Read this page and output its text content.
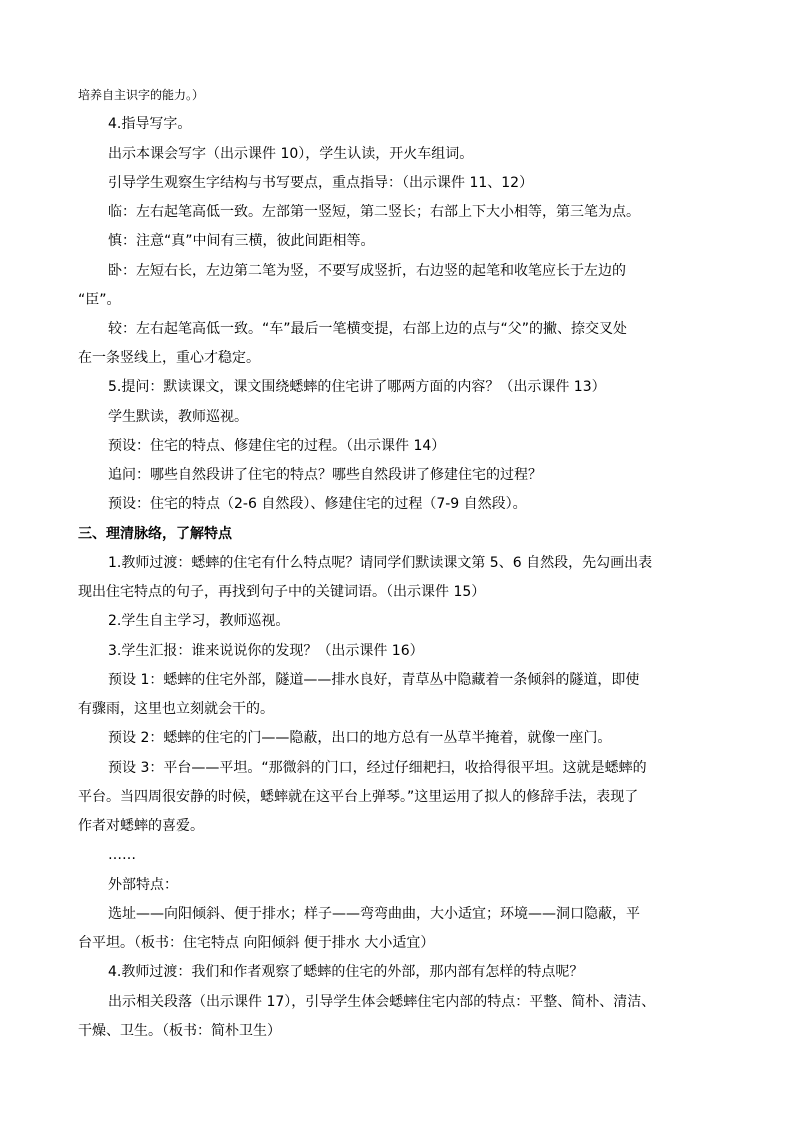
培养自主识字的能力。）
4.指导写字。
出示本课会写字（出示课件 10），学生认读，开火车组词。
引导学生观察生字结构与书写要点，重点指导：（出示课件 11、12）
临：左右起笔高低一致。左部第一竖短，第二竖长；右部上下大小相等，第三笔为点。
慎：注意“真”中间有三横，彼此间距相等。
卧：左短右长，左边第二笔为竖，不要写成竖折，右边竖的起笔和收笔应长于左边的
“臣”。
较：左右起笔高低一致。“车”最后一笔横变提，右部上边的点与“父”的撇、捺交叉处
在一条竖线上，重心才稳定。
5.提问：默读课文，课文围绕蟋蟀的住宅讲了哪两方面的内容？（出示课件 13）
学生默读，教师巡视。
预设：住宅的特点、修建住宅的过程。（出示课件 14）
追问：哪些自然段讲了住宅的特点？哪些自然段讲了修建住宅的过程？
预设：住宅的特点（2-6 自然段）、修建住宅的过程（7-9 自然段）。
三、理清脉络，了解特点
1.教师过渡：蟋蟀的住宅有什么特点呢？请同学们默读课文第 5、6 自然段，先勾画出表
现出住宅特点的句子，再找到句子中的关键词语。（出示课件 15）
2.学生自主学习，教师巡视。
3.学生汇报：谁来说说你的发现？（出示课件 16）
预设 1：蟋蟀的住宅外部，隧道——排水良好，青草丛中隐藏着一条倾斜的隧道，即使
有骤雨，这里也立刻就会干的。
预设 2：蟋蟀的住宅的门——隐蔽，出口的地方总有一丛草半掩着，就像一座门。
预设 3：平台——平坦。“那微斜的门口，经过仔细耙扫，收拾得很平坦。这就是蟋蟀的
平台。当四周很安静的时候，蟋蟀就在这平台上弹琴。”这里运用了拟人的修辞手法，表现了
作者对蟋蟀的喜爱。
……
外部特点：
选址——向阳倾斜、便于排水；样子——弯弯曲曲，大小适宜；环境——洞口隐蔽，平
台平坦。（板书：住宅特点 向阳倾斜 便于排水 大小适宜）
4.教师过渡：我们和作者观察了蟋蟀的住宅的外部，那内部有怎样的特点呢？
出示相关段落（出示课件 17），引导学生体会蟋蟀住宅内部的特点：平整、简朴、清洁、
干燥、卫生。（板书：简朴卫生）
